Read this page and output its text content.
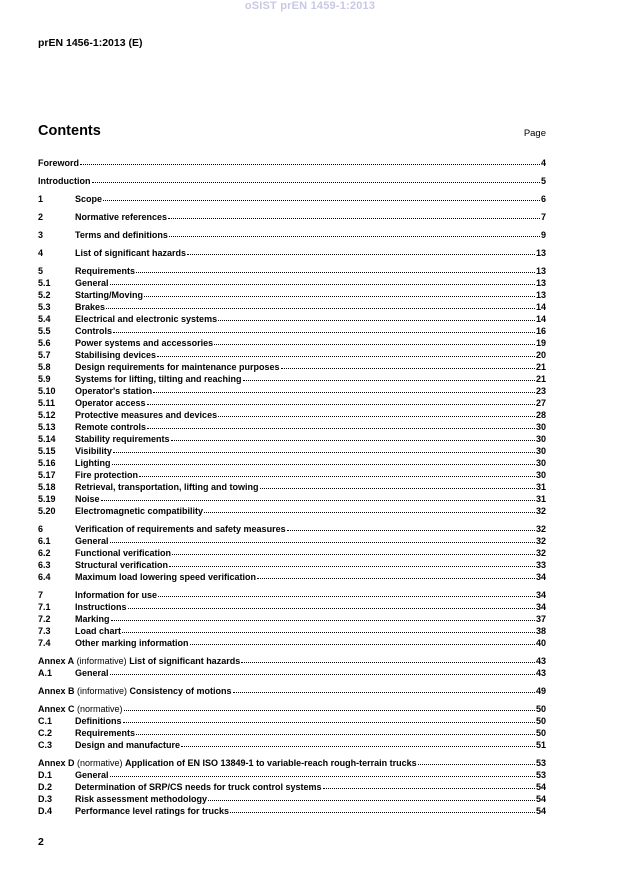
oSIST prEN 1459-1:2013
prEN 1456-1:2013 (E)
Contents	Page
Foreword	4
Introduction	5
1	Scope	6
2	Normative references	7
3	Terms and definitions	9
4	List of significant hazards	13
5	Requirements	13
5.1	General	13
5.2	Starting/Moving	13
5.3	Brakes	14
5.4	Electrical and electronic systems	14
5.5	Controls	16
5.6	Power systems and accessories	19
5.7	Stabilising devices	20
5.8	Design requirements for maintenance purposes	21
5.9	Systems for lifting, tilting and reaching	21
5.10	Operator's station	23
5.11	Operator access	27
5.12	Protective measures and devices	28
5.13	Remote controls	30
5.14	Stability requirements	30
5.15	Visibility	30
5.16	Lighting	30
5.17	Fire protection	30
5.18	Retrieval, transportation, lifting and towing	31
5.19	Noise	31
5.20	Electromagnetic compatibility	32
6	Verification of requirements and safety measures	32
6.1	General	32
6.2	Functional verification	32
6.3	Structural verification	33
6.4	Maximum load lowering speed verification	34
7	Information for use	34
7.1	Instructions	34
7.2	Marking	37
7.3	Load chart	38
7.4	Other marking information	40
Annex A (informative) List of significant hazards	43
A.1	General	43
Annex B (informative) Consistency of motions	49
Annex C (normative)	50
C.1	Definitions	50
C.2	Requirements	50
C.3	Design and manufacture	51
Annex D (normative) Application of EN ISO 13849-1 to variable-reach rough-terrain trucks	53
D.1	General	53
D.2	Determination of SRP/CS needs for truck control systems	54
D.3	Risk assessment methodology	54
D.4	Performance level ratings for trucks	54
2
